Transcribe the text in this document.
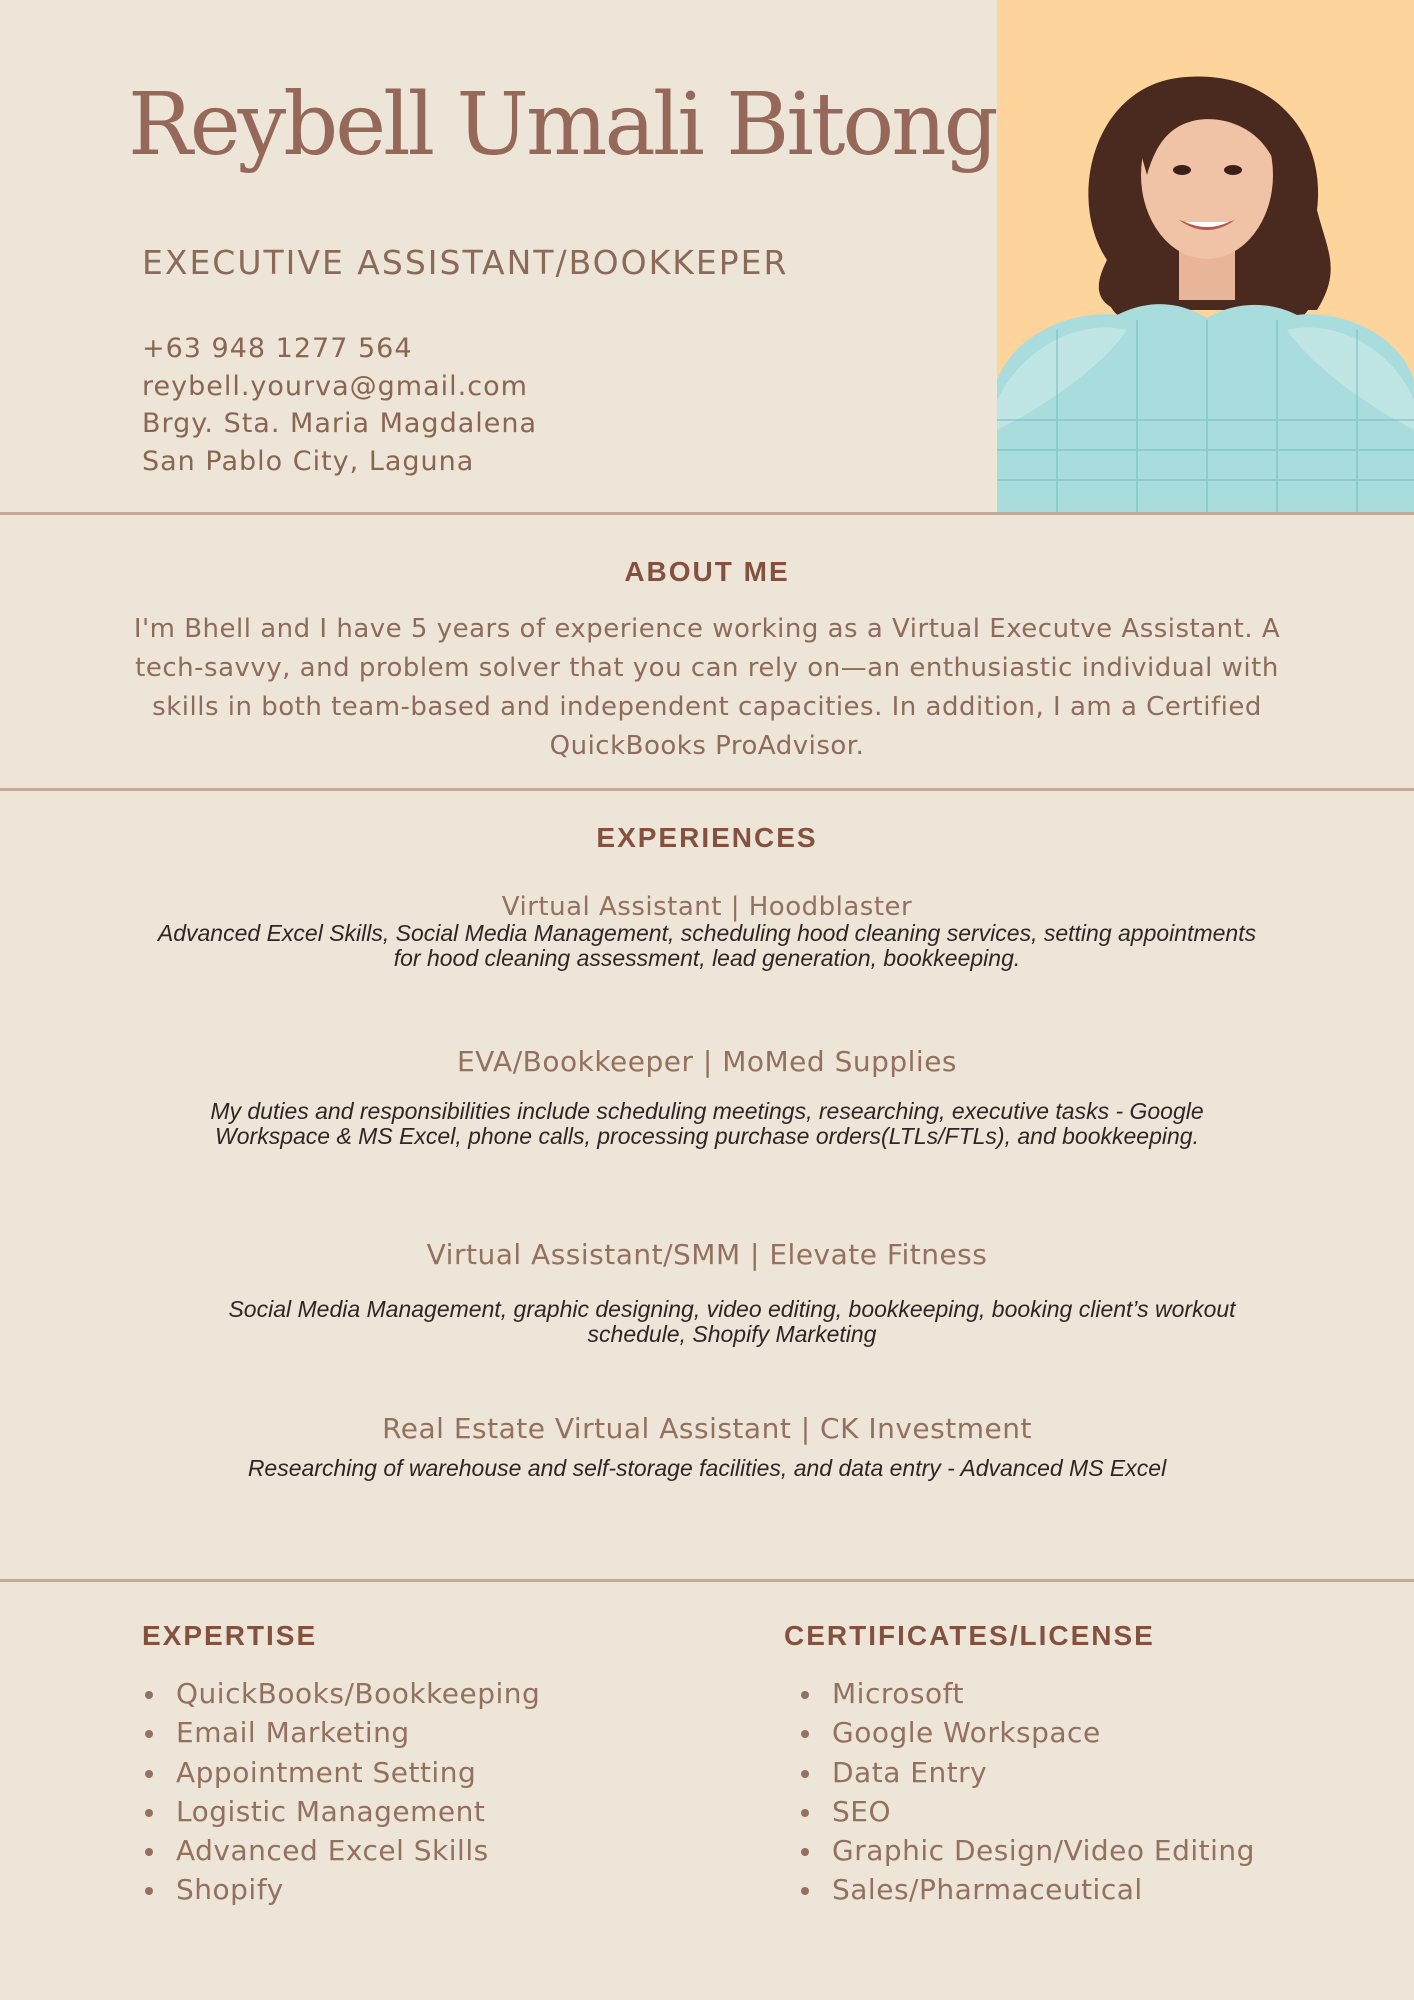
Reybell Umali Bitong
EXECUTIVE ASSISTANT/BOOKKEPER
+63 948 1277 564
reybell.yourva@gmail.com
Brgy. Sta. Maria Magdalena
San Pablo City, Laguna
ABOUT ME
I'm Bhell and I have 5 years of experience working as a Virtual Executve Assistant. A tech-savvy, and problem solver that you can rely on—an enthusiastic individual with skills in both team-based and independent capacities. In addition, I am a Certified QuickBooks ProAdvisor.
EXPERIENCES
Virtual Assistant | Hoodblaster
Advanced Excel Skills, Social Media Management, scheduling hood cleaning services, setting appointments for hood cleaning assessment, lead generation, bookkeeping.
EVA/Bookkeeper | MoMed Supplies
My duties and responsibilities include scheduling meetings, researching, executive tasks - Google Workspace & MS Excel, phone calls, processing purchase orders(LTLs/FTLs), and bookkeeping.
Virtual Assistant/SMM | Elevate Fitness
Social Media Management, graphic designing, video editing, bookkeeping, booking client’s workout schedule, Shopify Marketing
Real Estate Virtual Assistant | CK Investment
Researching of warehouse and self-storage facilities, and data entry - Advanced MS Excel
EXPERTISE
QuickBooks/Bookkeeping
Email Marketing
Appointment Setting
Logistic Management
Advanced Excel Skills
Shopify
CERTIFICATES/LICENSE
Microsoft
Google Workspace
Data Entry
SEO
Graphic Design/Video Editing
Sales/Pharmaceutical
